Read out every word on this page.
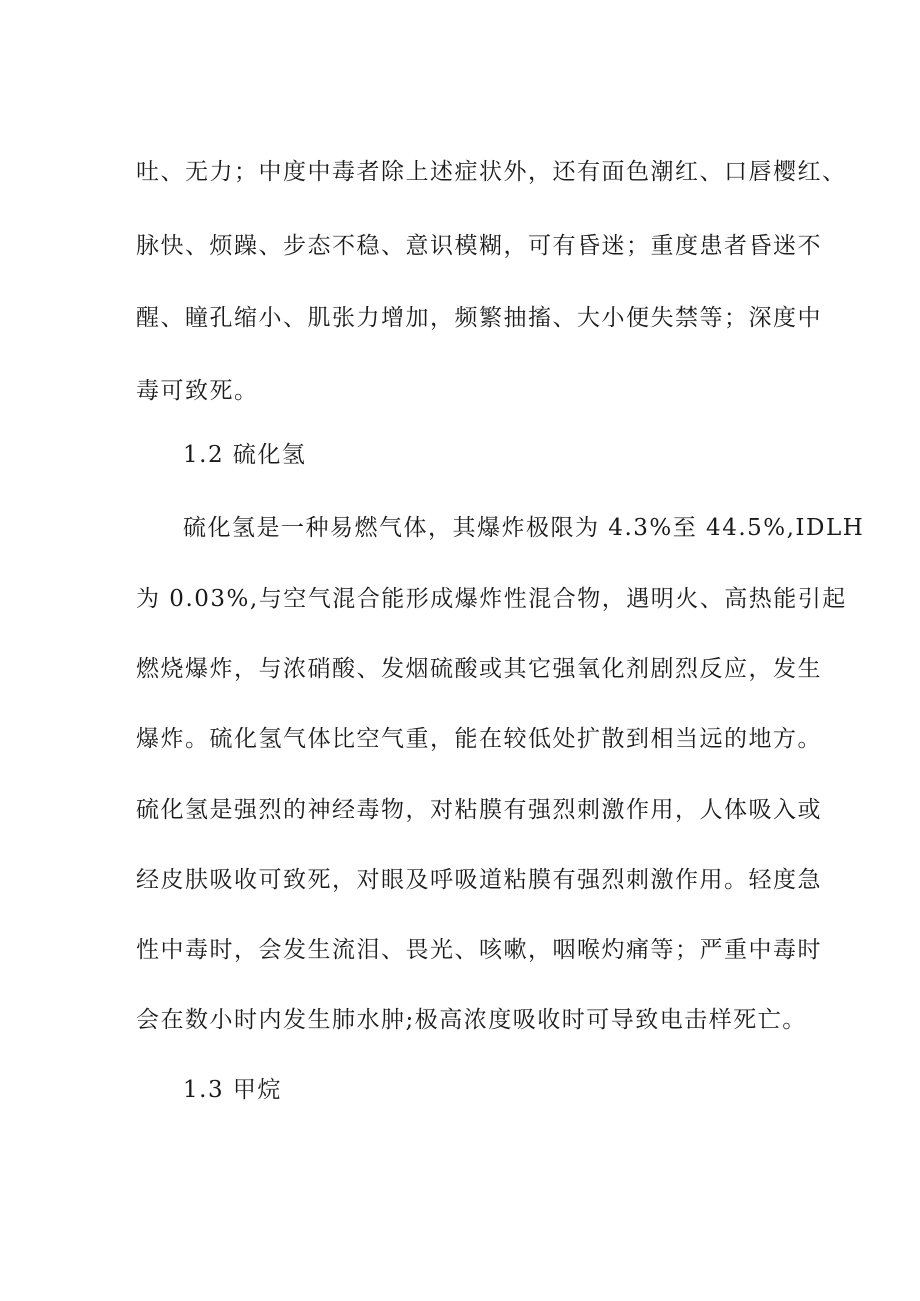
吐、无力；中度中毒者除上述症状外，还有面色潮红、口唇樱红、
脉快、烦躁、步态不稳、意识模糊，可有昏迷；重度患者昏迷不
醒、瞳孔缩小、肌张力增加，频繁抽搐、大小便失禁等；深度中
毒可致死。
1.2 硫化氢
硫化氢是一种易燃气体，其爆炸极限为 4.3%至 44.5%,IDLH
为 0.03%,与空气混合能形成爆炸性混合物，遇明火、高热能引起
燃烧爆炸，与浓硝酸、发烟硫酸或其它强氧化剂剧烈反应，发生
爆炸。硫化氢气体比空气重，能在较低处扩散到相当远的地方。
硫化氢是强烈的神经毒物，对粘膜有强烈刺激作用，人体吸入或
经皮肤吸收可致死，对眼及呼吸道粘膜有强烈刺激作用。轻度急
性中毒时，会发生流泪、畏光、咳嗽，咽喉灼痛等；严重中毒时
会在数小时内发生肺水肿;极高浓度吸收时可导致电击样死亡。
1.3 甲烷
